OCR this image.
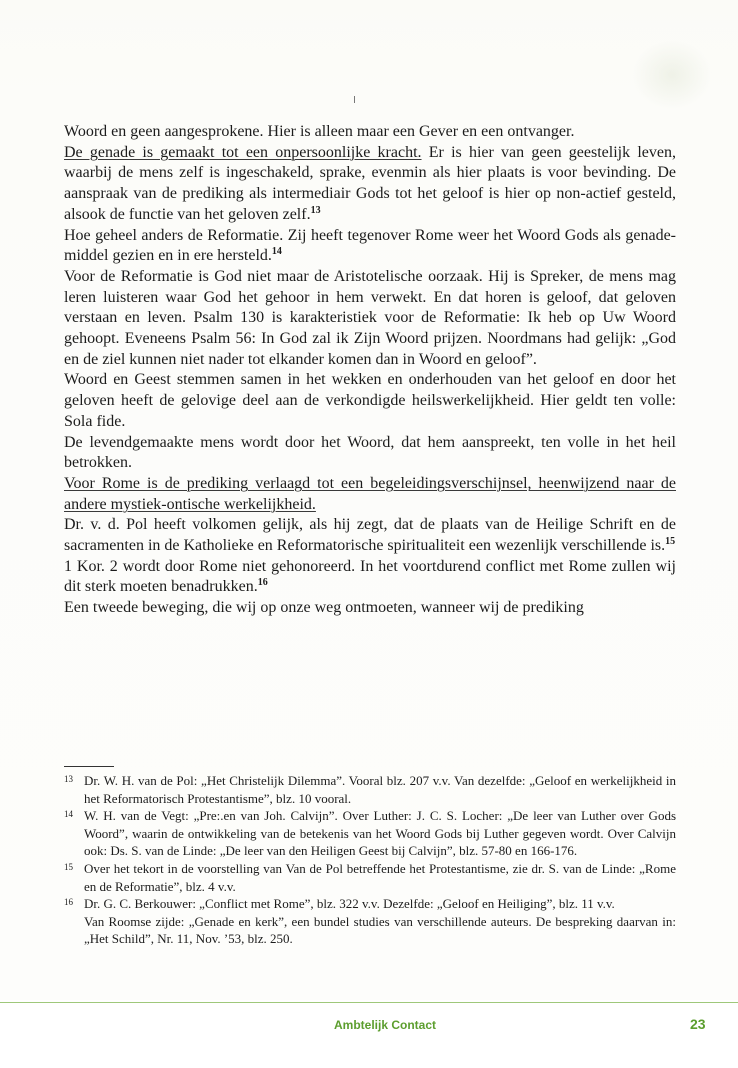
Woord en geen aangesprokene. Hier is alleen maar een Gever en een ontvanger.

De genade is gemaakt tot een onpersoonlijke kracht. Er is hier van geen geestelijk leven, waarbij de mens zelf is ingeschakeld, sprake, evenmin als hier plaats is voor bevinding. De aanspraak van de prediking als intermediair Gods tot het geloof is hier op non-actief gesteld, alsook de functie van het geloven zelf.$^{13}$

Hoe geheel anders de Reformatie. Zij heeft tegenover Rome weer het Woord Gods als genade-middel gezien en in ere hersteld.$^{14}$

Voor de Reformatie is God niet maar de Aristotelische oorzaak. Hij is Spreker, de mens mag leren luisteren waar God het gehoor in hem verwekt. En dat horen is geloof, dat geloven verstaan en leven. Psalm 130 is karakteristiek voor de Reformatie: Ik heb op Uw Woord gehoopt. Eveneens Psalm 56: In God zal ik Zijn Woord prijzen. Noordmans had gelijk: „God en de ziel kunnen niet nader tot elkander komen dan in Woord en geloof”.

Woord en Geest stemmen samen in het wekken en onderhouden van het geloof en door het geloven heeft de gelovige deel aan de verkondigde heilswerkelijkheid. Hier geldt ten volle: Sola fide.

De levendgemaakte mens wordt door het Woord, dat hem aanspreekt, ten volle in het heil betrokken.

Voor Rome is de prediking verlaagd tot een begeleidingsverschijnsel, heenwijzend naar de andere mystiek-ontische werkelijkheid.

Dr. v. d. Pol heeft volkomen gelijk, als hij zegt, dat de plaats van de Heilige Schrift en de sacramenten in de Katholieke en Reformatorische spiritualiteit een wezenlijk verschillende is.$^{15}$

1 Kor. 2 wordt door Rome niet gehonoreerd. In het voortdurend conflict met Rome zullen wij dit sterk moeten benadrukken.$^{16}$

Een tweede beweging, die wij op onze weg ontmoeten, wanneer wij de prediking

13 Dr. W. H. van de Pol: „Het Christelijk Dilemma”. Vooral blz. 207 v.v. Van dezelfde: „Geloof en werkelijkheid in het Reformatorisch Protestantisme”, blz. 10 vooral.
14 W. H. van de Vegt: „Pre:.en van Joh. Calvijn”. Over Luther: J. C. S. Locher: „De leer van Luther over Gods Woord”, waarin de ontwikkeling van de betekenis van het Woord Gods bij Luther gegeven wordt. Over Calvijn ook: Ds. S. van de Linde: „De leer van den Heiligen Geest bij Calvijn”, blz. 57-80 en 166-176.
15 Over het tekort in de voorstelling van Van de Pol betreffende het Protestantisme, zie dr. S. van de Linde: „Rome en de Reformatie”, blz. 4 v.v.
16 Dr. G. C. Berkouwer: „Conflict met Rome”, blz. 322 v.v. Dezelfde: „Geloof en Heiliging”, blz. 11 v.v.
Van Roomse zijde: „Genade en kerk”, een bundel studies van verschillende auteurs. De bespreking daarvan in: „Het Schild”, Nr. 11, Nov. ’53, blz. 250.
Ambtelijk Contact	23
